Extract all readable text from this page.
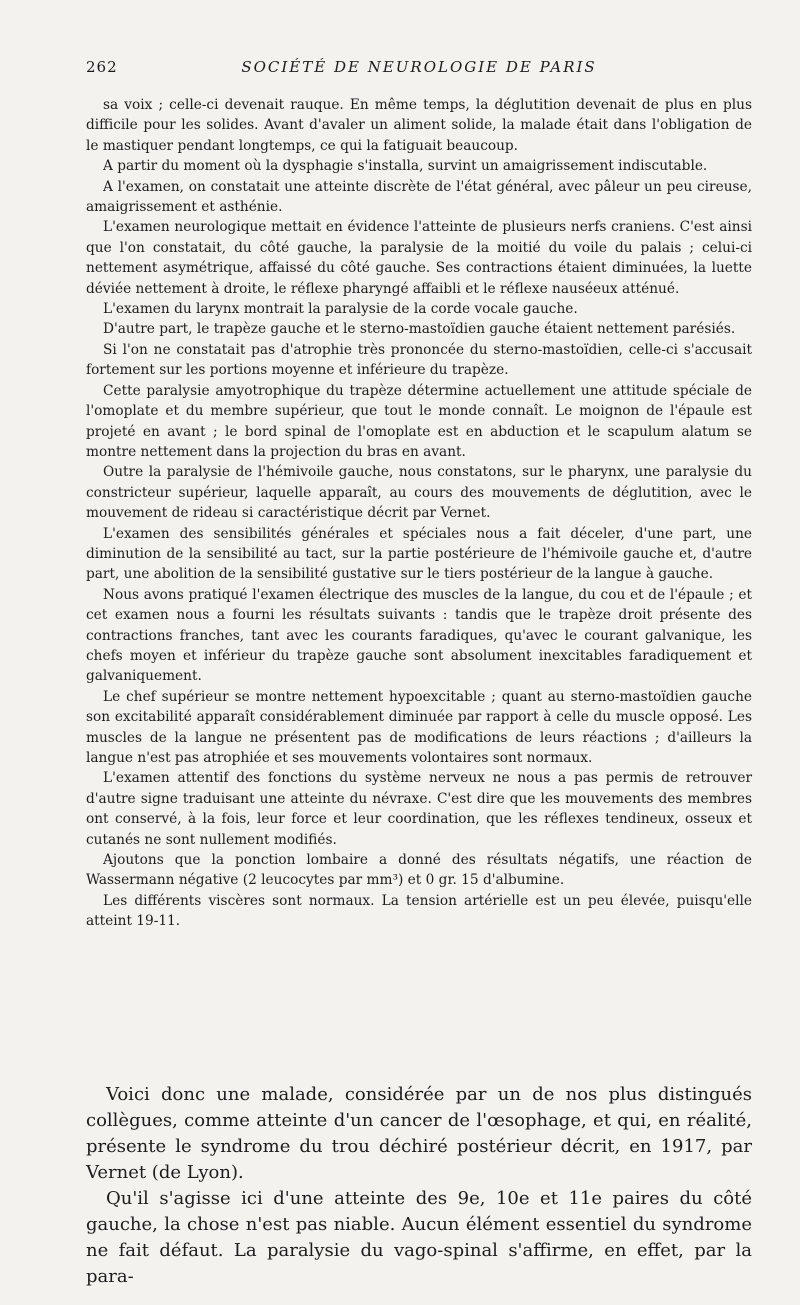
262	SOCIÉTÉ DE NEUROLOGIE DE PARIS

sa voix ; celle-ci devenait rauque. En même temps, la déglutition devenait de plus en plus difficile pour les solides. Avant d'avaler un aliment solide, la malade était dans l'obligation de le mastiquer pendant longtemps, ce qui la fatiguait beaucoup.

A partir du moment où la dysphagie s'installa, survint un amaigrissement indiscutable.

A l'examen, on constatait une atteinte discrète de l'état général, avec pâleur un peu cireuse, amaigrissement et asthénie.

L'examen neurologique mettait en évidence l'atteinte de plusieurs nerfs craniens. C'est ainsi que l'on constatait, du côté gauche, la paralysie de la moitié du voile du palais ; celui-ci nettement asymétrique, affaissé du côté gauche. Ses contractions étaient diminuées, la luette déviée nettement à droite, le réflexe pharyngé affaibli et le réflexe nauséeux atténué.

L'examen du larynx montrait la paralysie de la corde vocale gauche.

D'autre part, le trapèze gauche et le sterno-mastoïdien gauche étaient nettement parésiés.

Si l'on ne constatait pas d'atrophie très prononcée du sterno-mastoïdien, celle-ci s'accusait fortement sur les portions moyenne et inférieure du trapèze.

Cette paralysie amyotrophique du trapèze détermine actuellement une attitude spéciale de l'omoplate et du membre supérieur, que tout le monde connaît. Le moignon de l'épaule est projeté en avant ; le bord spinal de l'omoplate est en abduction et le scapulum alatum se montre nettement dans la projection du bras en avant.

Outre la paralysie de l'hémivoile gauche, nous constatons, sur le pharynx, une paralysie du constricteur supérieur, laquelle apparaît, au cours des mouvements de déglutition, avec le mouvement de rideau si caractéristique décrit par Vernet.

L'examen des sensibilités générales et spéciales nous a fait déceler, d'une part, une diminution de la sensibilité au tact, sur la partie postérieure de l'hémivoile gauche et, d'autre part, une abolition de la sensibilité gustative sur le tiers postérieur de la langue à gauche.

Nous avons pratiqué l'examen électrique des muscles de la langue, du cou et de l'épaule ; et cet examen nous a fourni les résultats suivants : tandis que le trapèze droit présente des contractions franches, tant avec les courants faradiques, qu'avec le courant galvanique, les chefs moyen et inférieur du trapèze gauche sont absolument inexcitables faradiquement et galvaniquement.

Le chef supérieur se montre nettement hypoexcitable ; quant au sterno-mastoïdien gauche son excitabilité apparaît considérablement diminuée par rapport à celle du muscle opposé. Les muscles de la langue ne présentent pas de modifications de leurs réactions ; d'ailleurs la langue n'est pas atrophiée et ses mouvements volontaires sont normaux.

L'examen attentif des fonctions du système nerveux ne nous a pas permis de retrouver d'autre signe traduisant une atteinte du névraxe. C'est dire que les mouvements des membres ont conservé, à la fois, leur force et leur coordination, que les réflexes tendineux, osseux et cutanés ne sont nullement modifiés.

Ajoutons que la ponction lombaire a donné des résultats négatifs, une réaction de Wassermann négative (2 leucocytes par mm³) et 0 gr. 15 d'albumine.

Les différents viscères sont normaux. La tension artérielle est un peu élevée, puisqu'elle atteint 19-11.

Voici donc une malade, considérée par un de nos plus distingués collègues, comme atteinte d'un cancer de l'œsophage, et qui, en réalité, présente le syndrome du trou déchiré postérieur décrit, en 1917, par Vernet (de Lyon).

Qu'il s'agisse ici d'une atteinte des 9e, 10e et 11e paires du côté gauche, la chose n'est pas niable. Aucun élément essentiel du syndrome ne fait défaut. La paralysie du vago-spinal s'affirme, en effet, par la para-
